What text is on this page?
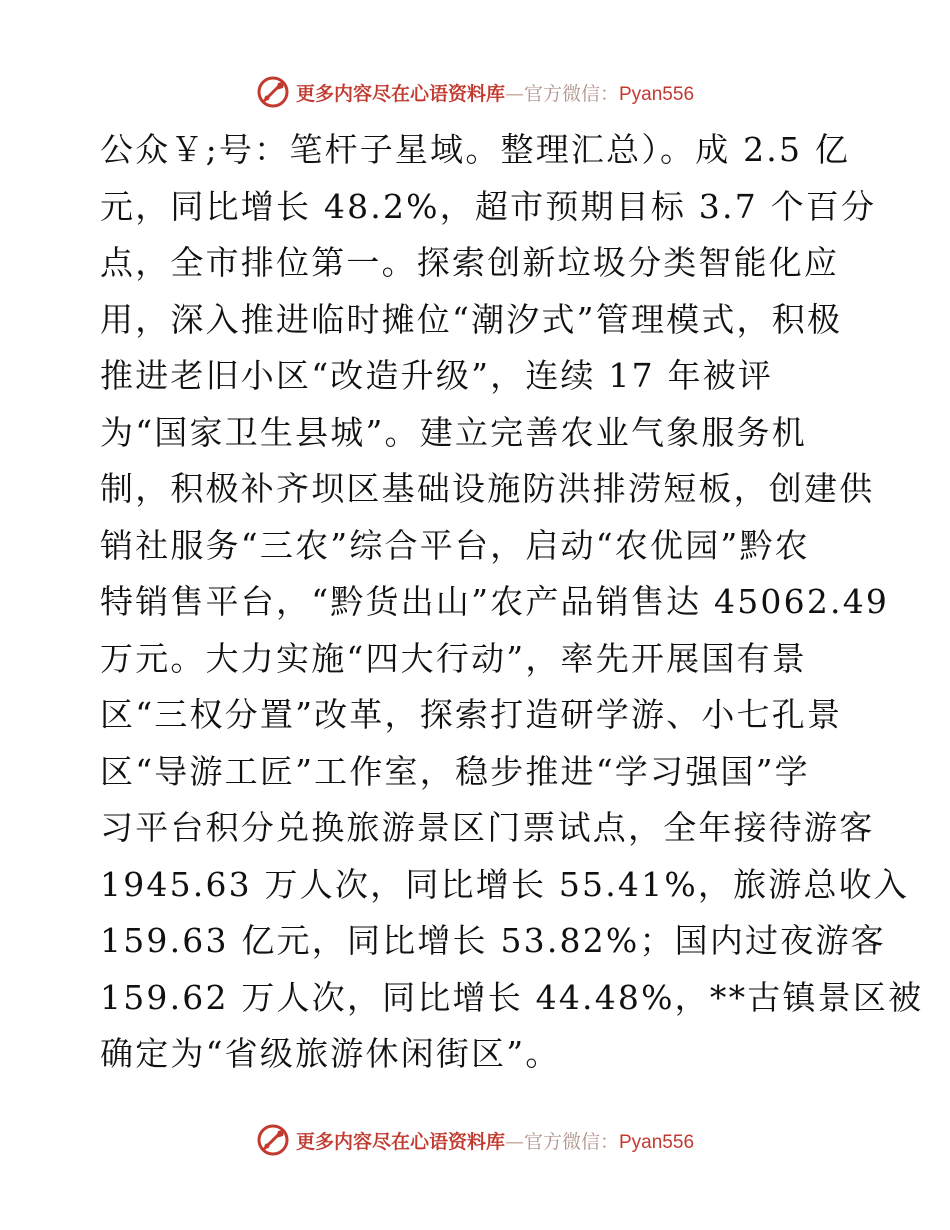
更多内容尽在心语资料库—官方微信：Pyan556
公众￥;号：笔杆子星域。整理汇总）。成 2.5 亿
元，同比增长 48.2%，超市预期目标 3.7 个百分
点，全市排位第一。探索创新垃圾分类智能化应
用，深入推进临时摊位“潮汐式”管理模式，积极
推进老旧小区“改造升级”，连续 17 年被评
为“国家卫生县城”。建立完善农业气象服务机
制，积极补齐坝区基础设施防洪排涝短板，创建供
销社服务“三农”综合平台，启动“农优园”黔农
特销售平台，“黔货出山”农产品销售达 45062.49
万元。大力实施“四大行动”，率先开展国有景
区“三权分置”改革，探索打造研学游、小七孔景
区“导游工匠”工作室，稳步推进“学习强国”学
习平台积分兑换旅游景区门票试点，全年接待游客
1945.63 万人次，同比增长 55.41%，旅游总收入
159.63 亿元，同比增长 53.82%；国内过夜游客
159.62 万人次，同比增长 44.48%，**古镇景区被
确定为“省级旅游休闲街区”。
更多内容尽在心语资料库—官方微信：Pyan556
